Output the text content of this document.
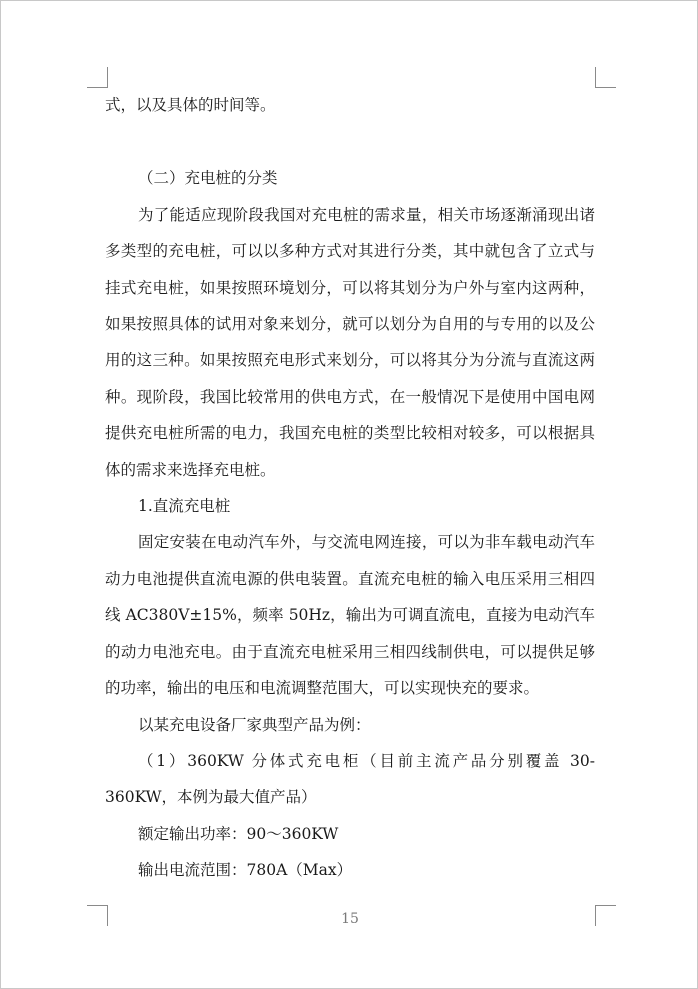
式，以及具体的时间等。

（二）充电桩的分类

为了能适应现阶段我国对充电桩的需求量，相关市场逐渐涌现出诸多类型的充电桩，可以以多种方式对其进行分类，其中就包含了立式与挂式充电桩，如果按照环境划分，可以将其划分为户外与室内这两种，如果按照具体的试用对象来划分，就可以划分为自用的与专用的以及公用的这三种。如果按照充电形式来划分，可以将其分为分流与直流这两种。现阶段，我国比较常用的供电方式，在一般情况下是使用中国电网提供充电桩所需的电力，我国充电桩的类型比较相对较多，可以根据具体的需求来选择充电桩。

1.直流充电桩

固定安装在电动汽车外，与交流电网连接，可以为非车载电动汽车动力电池提供直流电源的供电装置。直流充电桩的输入电压采用三相四线 AC380V±15%，频率 50Hz，输出为可调直流电，直接为电动汽车的动力电池充电。由于直流充电桩采用三相四线制供电，可以提供足够的功率，输出的电压和电流调整范围大，可以实现快充的要求。

以某充电设备厂家典型产品为例：

（1）360KW 分体式充电柜（目前主流产品分别覆盖 30-360KW，本例为最大值产品）

额定输出功率：90～360KW

输出电流范围：780A（Max）

15
